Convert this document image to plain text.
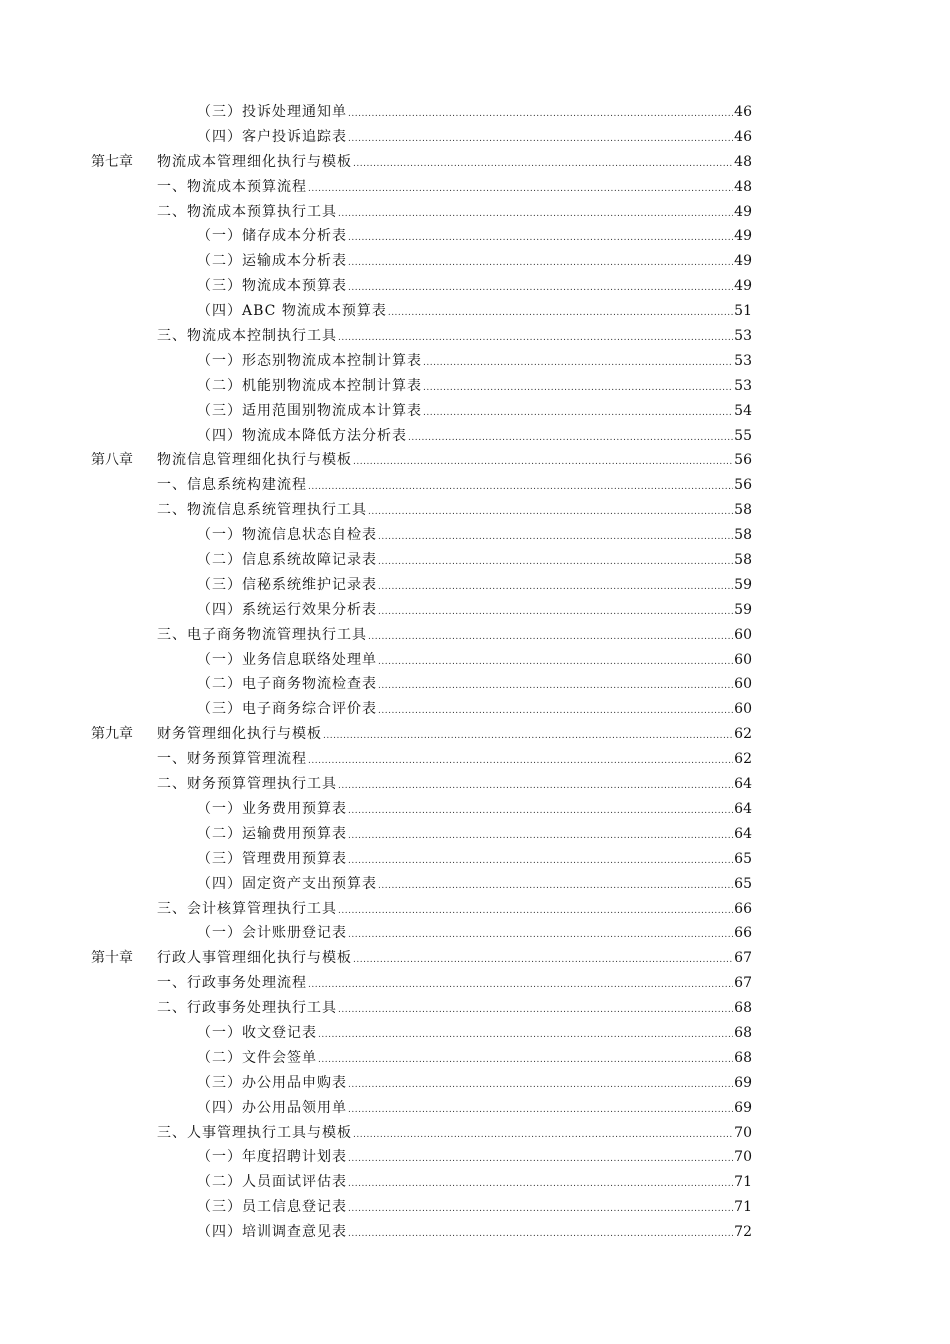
（三）投诉处理通知单 .....	46
（四）客户投诉追踪表 .....	46
第七章	物流成本管理细化执行与模板 .....	48
一、物流成本预算流程 .....	48
二、物流成本预算执行工具 .....	49
（一）储存成本分析表 .....	49
（二）运输成本分析表 .....	49
（三）物流成本预算表 .....	49
（四）ABC 物流成本预算表 .....	51
三、物流成本控制执行工具 .....	53
（一）形态别物流成本控制计算表 .....	53
（二）机能别物流成本控制计算表 .....	53
（三）适用范围别物流成本计算表 .....	54
（四）物流成本降低方法分析表 .....	55
第八章	物流信息管理细化执行与模板 .....	56
一、信息系统构建流程 .....	56
二、物流信息系统管理执行工具 .....	58
（一）物流信息状态自检表 .....	58
（二）信息系统故障记录表 .....	58
（三）信秘系统维护记录表 .....	59
（四）系统运行效果分析表 .....	59
三、电子商务物流管理执行工具 .....	60
（一）业务信息联络处理单 .....	60
（二）电子商务物流检查表 .....	60
（三）电子商务综合评价表 .....	60
第九章	财务管理细化执行与模板 .....	62
一、财务预算管理流程 .....	62
二、财务预算管理执行工具 .....	64
（一）业务费用预算表 .....	64
（二）运输费用预算表 .....	64
（三）管理费用预算表 .....	65
（四）固定资产支出预算表 .....	65
三、会计核算管理执行工具 .....	66
（一）会计账册登记表 .....	66
第十章	行政人事管理细化执行与模板 .....	67
一、行政事务处理流程 .....	67
二、行政事务处理执行工具 .....	68
（一）收文登记表 .....	68
（二）文件会签单 .....	68
（三）办公用品申购表 .....	69
（四）办公用品领用单 .....	69
三、人事管理执行工具与模板 .....	70
（一）年度招聘计划表 .....	70
（二）人员面试评估表 .....	71
（三）员工信息登记表 .....	71
（四）培训调查意见表 .....	72
